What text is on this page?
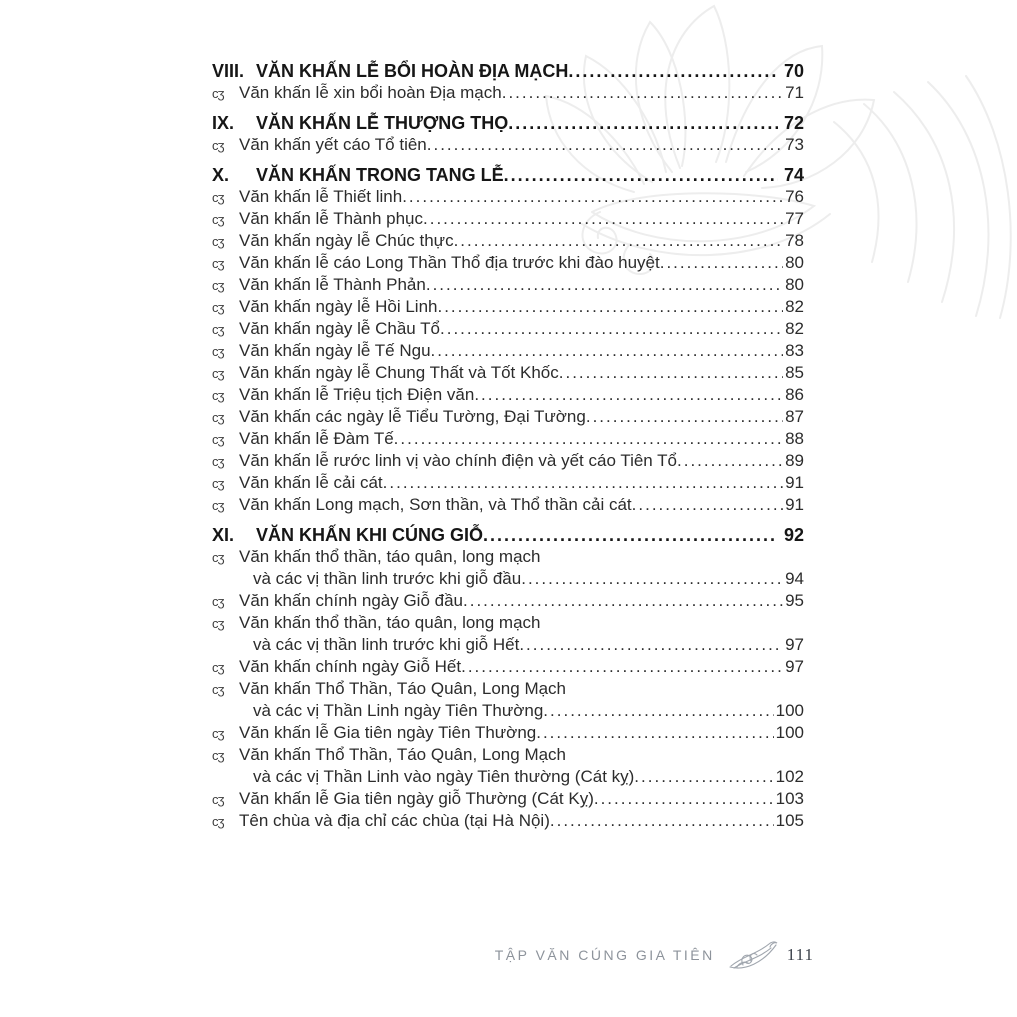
VIII. VĂN KHẤN LỄ BỔI HOÀN ĐỊA MẠCH .....	70
cʒ Văn khấn lễ xin bổi hoàn Địa mạch .....	71
IX.	VĂN KHẤN LỄ THƯỢNG THỌ .....	72
cʒ Văn khấn yết cáo Tổ tiên .....	73
X.	VĂN KHẤN TRONG TANG LỄ .....	74
cʒ Văn khấn lễ Thiết linh .....	76
cʒ Văn khấn lễ Thành phục .....	77
cʒ Văn khấn ngày lễ Chúc thực .....	78
cʒ Văn khấn lễ cáo Long Thần Thổ địa trước khi đào huyệt .....	80
cʒ Văn khấn lễ Thành Phản .....	80
cʒ Văn khấn ngày lễ Hồi Linh .....	82
cʒ Văn khấn ngày lễ Chầu Tổ .....	82
cʒ Văn khấn ngày lễ Tế Ngu .....	83
cʒ Văn khấn ngày lễ Chung Thất và Tốt Khốc .....	85
cʒ Văn khấn lễ Triệu tịch Điện văn .....	86
cʒ Văn khấn các ngày lễ Tiểu Tường, Đại Tường .....	87
cʒ Văn khấn lễ Đàm Tế .....	88
cʒ Văn khấn lễ rước linh vị vào chính điện và yết cáo Tiên Tổ .....	89
cʒ Văn khấn lễ cải cát .....	91
cʒ Văn khấn Long mạch, Sơn thần, và Thổ thần cải cát .....	91
XI.	VĂN KHẤN KHI CÚNG GIỖ .....	92
cʒ Văn khấn thổ thần, táo quân, long mạch
và các vị thần linh trước khi giỗ đầu .....	94
cʒ Văn khấn chính ngày Giỗ đầu .....	95
cʒ Văn khấn thổ thần, táo quân, long mạch
và các vị thần linh trước khi giỗ Hết .....	97
cʒ Văn khấn chính ngày Giỗ Hết .....	97
cʒ Văn khấn Thổ Thần, Táo Quân, Long Mạch
và các vị Thần Linh ngày Tiên Thường .....	100
cʒ Văn khấn lễ Gia tiên ngày Tiên Thường .....	100
cʒ Văn khấn Thổ Thần, Táo Quân, Long Mạch
và các vị Thần Linh vào ngày Tiên thường (Cát kỵ) .....	102
cʒ Văn khấn lễ Gia tiên ngày giỗ Thường (Cát Kỵ) .....	103
cʒ Tên chùa và địa chỉ các chùa (tại Hà Nội) .....	105
TẬP VĂN CÚNG GIA TIÊN	111
